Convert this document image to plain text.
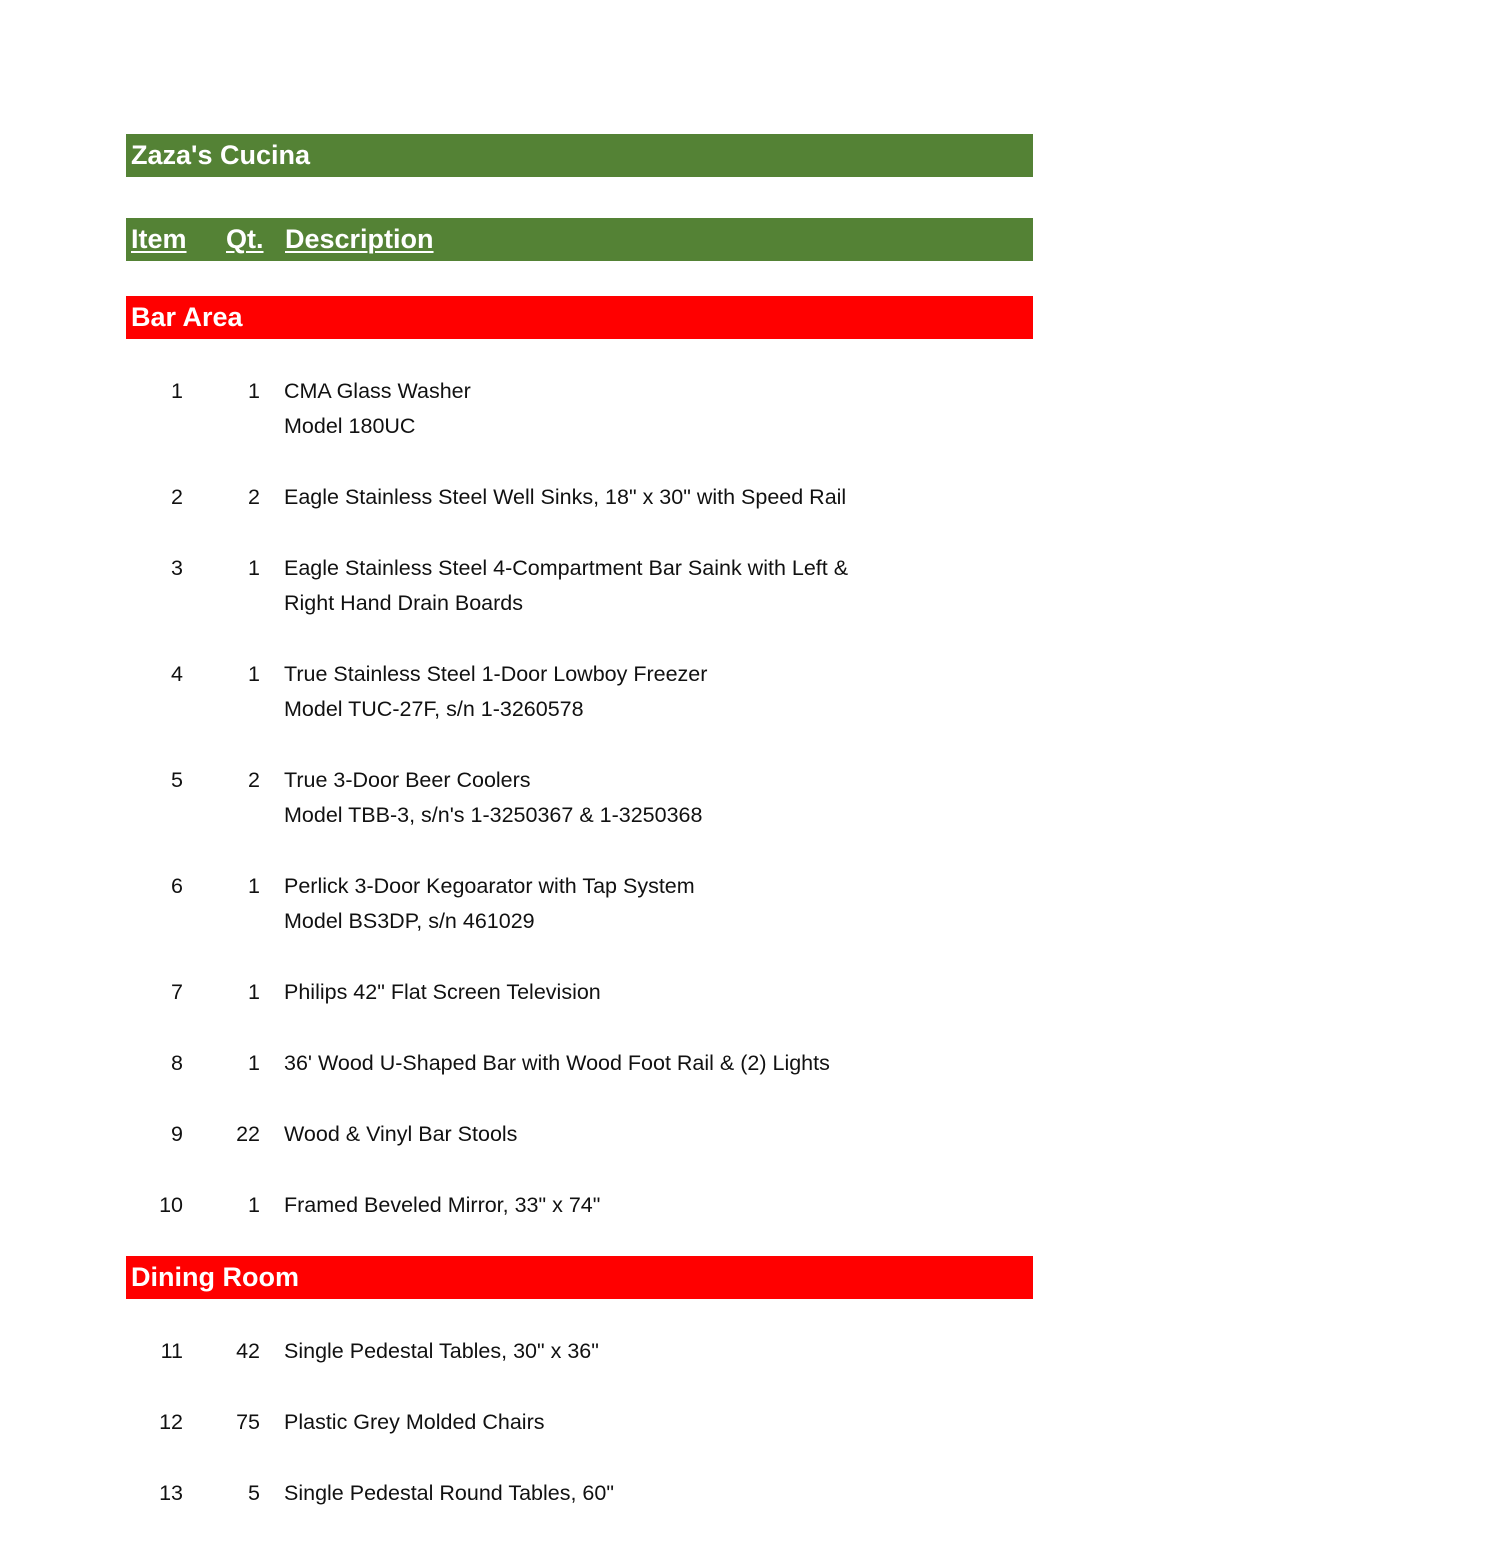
Zaza's Cucina
Item Qt. Description
Bar Area
1	1 CMA Glass Washer
Model 180UC
2	2 Eagle Stainless Steel Well Sinks, 18" x 30" with Speed Rail
3	1 Eagle Stainless Steel 4-Compartment Bar Saink with Left &
Right Hand Drain Boards
4	1 True Stainless Steel 1-Door Lowboy Freezer
Model TUC-27F, s/n 1-3260578
5	2 True 3-Door Beer Coolers
Model TBB-3, s/n's 1-3250367 & 1-3250368
6	1 Perlick 3-Door Kegoarator with Tap System
Model BS3DP, s/n 461029
7	1 Philips 42" Flat Screen Television
8	1 36' Wood U-Shaped Bar with Wood Foot Rail & (2) Lights
9	22 Wood & Vinyl Bar Stools
10	1 Framed Beveled Mirror, 33" x 74"
Dining Room
11	42 Single Pedestal Tables, 30" x 36"
12	75 Plastic Grey Molded Chairs
13	5 Single Pedestal Round Tables, 60"
